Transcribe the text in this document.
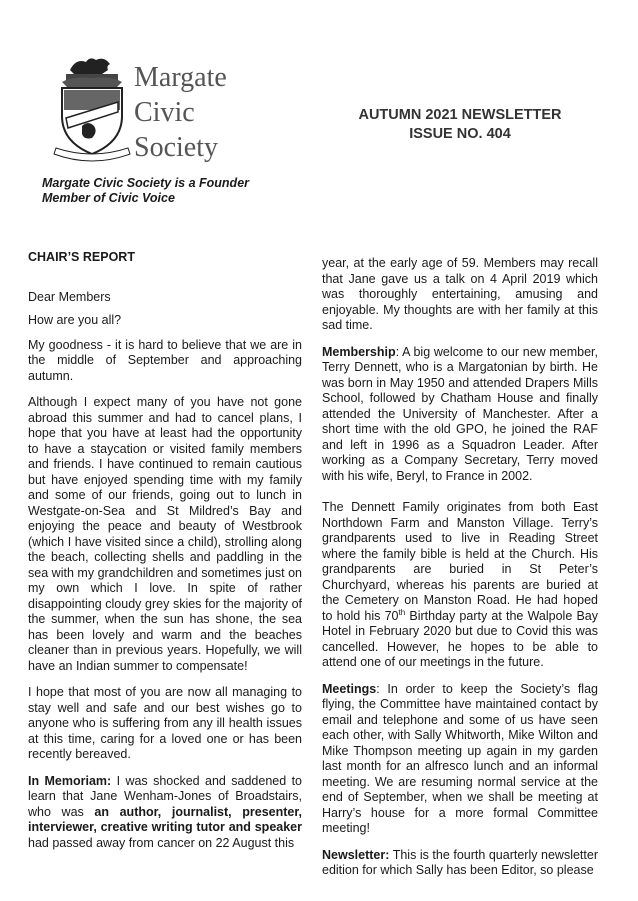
Margate
Civic
Society
AUTUMN 2021 NEWSLETTER
ISSUE NO. 404
Margate Civic Society is a Founder
Member of Civic Voice
CHAIR’S REPORT

Dear Members

How are you all?

My goodness - it is hard to believe that we are in the middle of September and approaching autumn.

Although I expect many of you have not gone abroad this summer and had to cancel plans, I hope that you have at least had the opportunity to have a staycation or visited family members and friends. I have continued to remain cautious but have enjoyed spending time with my family and some of our friends, going out to lunch in Westgate-on-Sea and St Mildred’s Bay and enjoying the peace and beauty of Westbrook (which I have visited since a child), strolling along the beach, collecting shells and paddling in the sea with my grandchildren and sometimes just on my own which I love. In spite of rather disappointing cloudy grey skies for the majority of the summer, when the sun has shone, the sea has been lovely and warm and the beaches cleaner than in previous years. Hopefully, we will have an Indian summer to compensate!

I hope that most of you are now all managing to stay well and safe and our best wishes go to anyone who is suffering from any ill health issues at this time, caring for a loved one or has been recently bereaved.

In Memoriam: I was shocked and saddened to learn that Jane Wenham-Jones of Broadstairs, who was an author, journalist, presenter, interviewer, creative writing tutor and speaker had passed away from cancer on 22 August this

year, at the early age of 59. Members may recall that Jane gave us a talk on 4 April 2019 which was thoroughly entertaining, amusing and enjoyable. My thoughts are with her family at this sad time.

Membership: A big welcome to our new member, Terry Dennett, who is a Margatonian by birth. He was born in May 1950 and attended Drapers Mills School, followed by Chatham House and finally attended the University of Manchester. After a short time with the old GPO, he joined the RAF and left in 1996 as a Squadron Leader. After working as a Company Secretary, Terry moved with his wife, Beryl, to France in 2002.

The Dennett Family originates from both East Northdown Farm and Manston Village. Terry’s grandparents used to live in Reading Street where the family bible is held at the Church. His grandparents are buried in St Peter’s Churchyard, whereas his parents are buried at the Cemetery on Manston Road. He had hoped to hold his 70th Birthday party at the Walpole Bay Hotel in February 2020 but due to Covid this was cancelled. However, he hopes to be able to attend one of our meetings in the future.

Meetings: In order to keep the Society’s flag flying, the Committee have maintained contact by email and telephone and some of us have seen each other, with Sally Whitworth, Mike Wilton and Mike Thompson meeting up again in my garden last month for an alfresco lunch and an informal meeting. We are resuming normal service at the end of September, when we shall be meeting at Harry’s house for a more formal Committee meeting!

Newsletter: This is the fourth quarterly newsletter edition for which Sally has been Editor, so please
